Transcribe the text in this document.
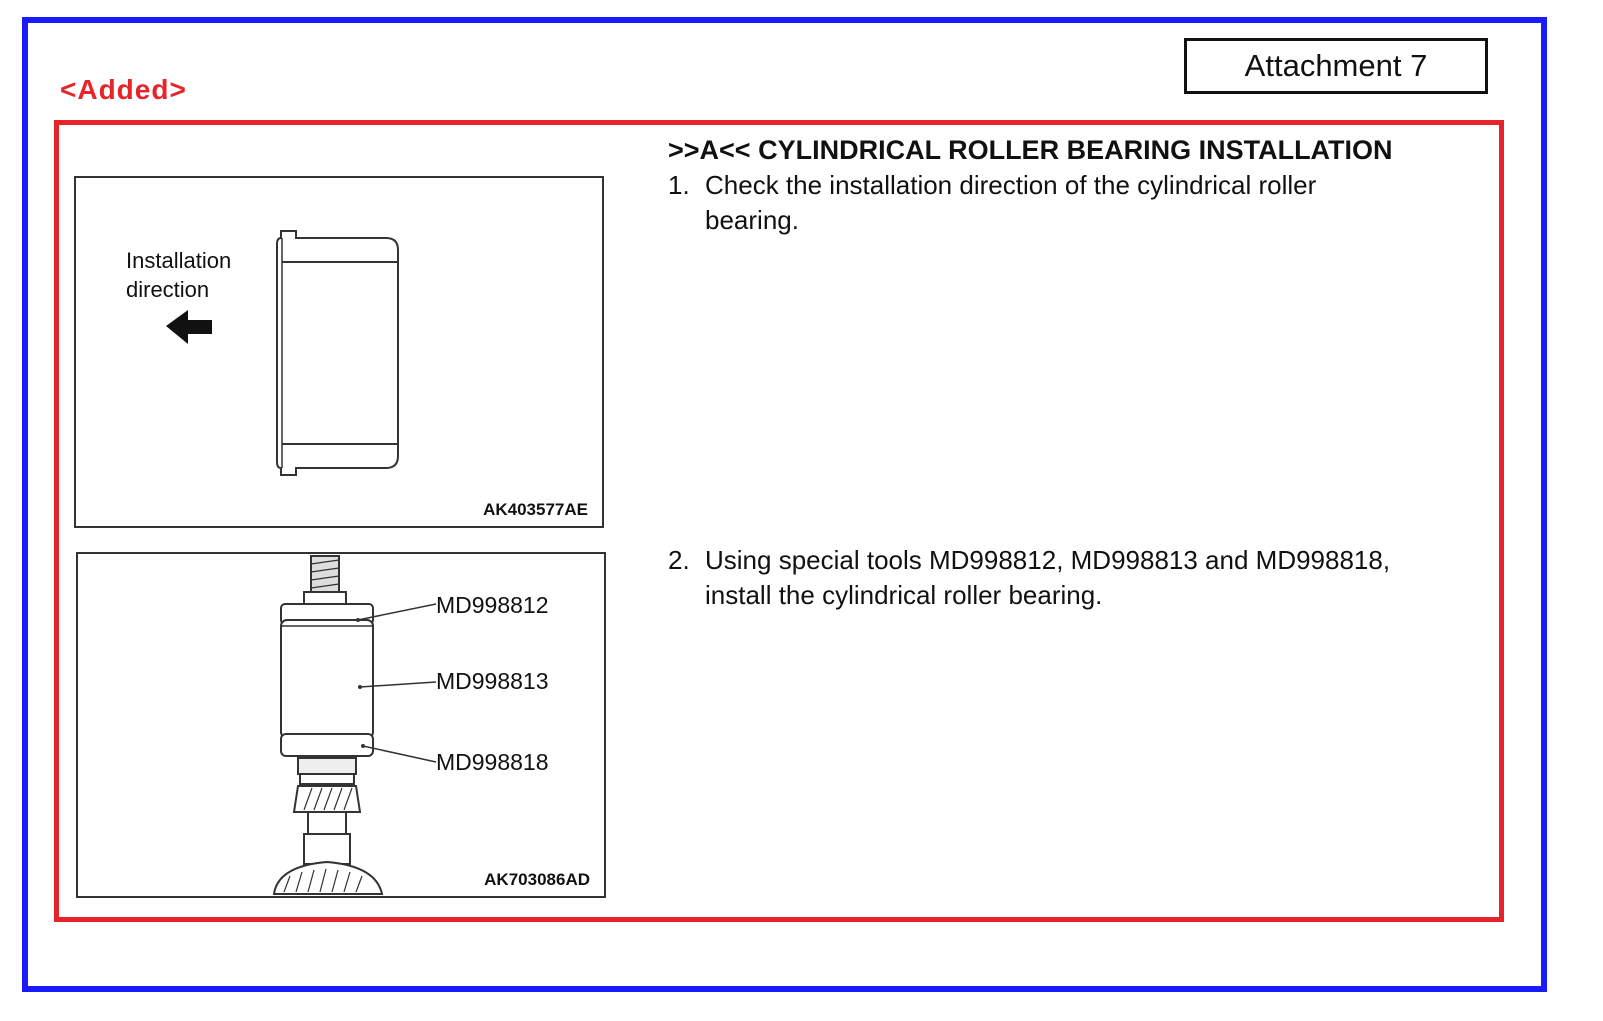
Attachment 7
<Added>
Installation
direction
AK403577AE
MD998812
MD998813
MD998818
AK703086AD
>>A<< CYLINDRICAL ROLLER BEARING INSTALLATION
1. Check the installation direction of the cylindrical roller
bearing.
2. Using special tools MD998812, MD998813 and MD998818,
install the cylindrical roller bearing.
